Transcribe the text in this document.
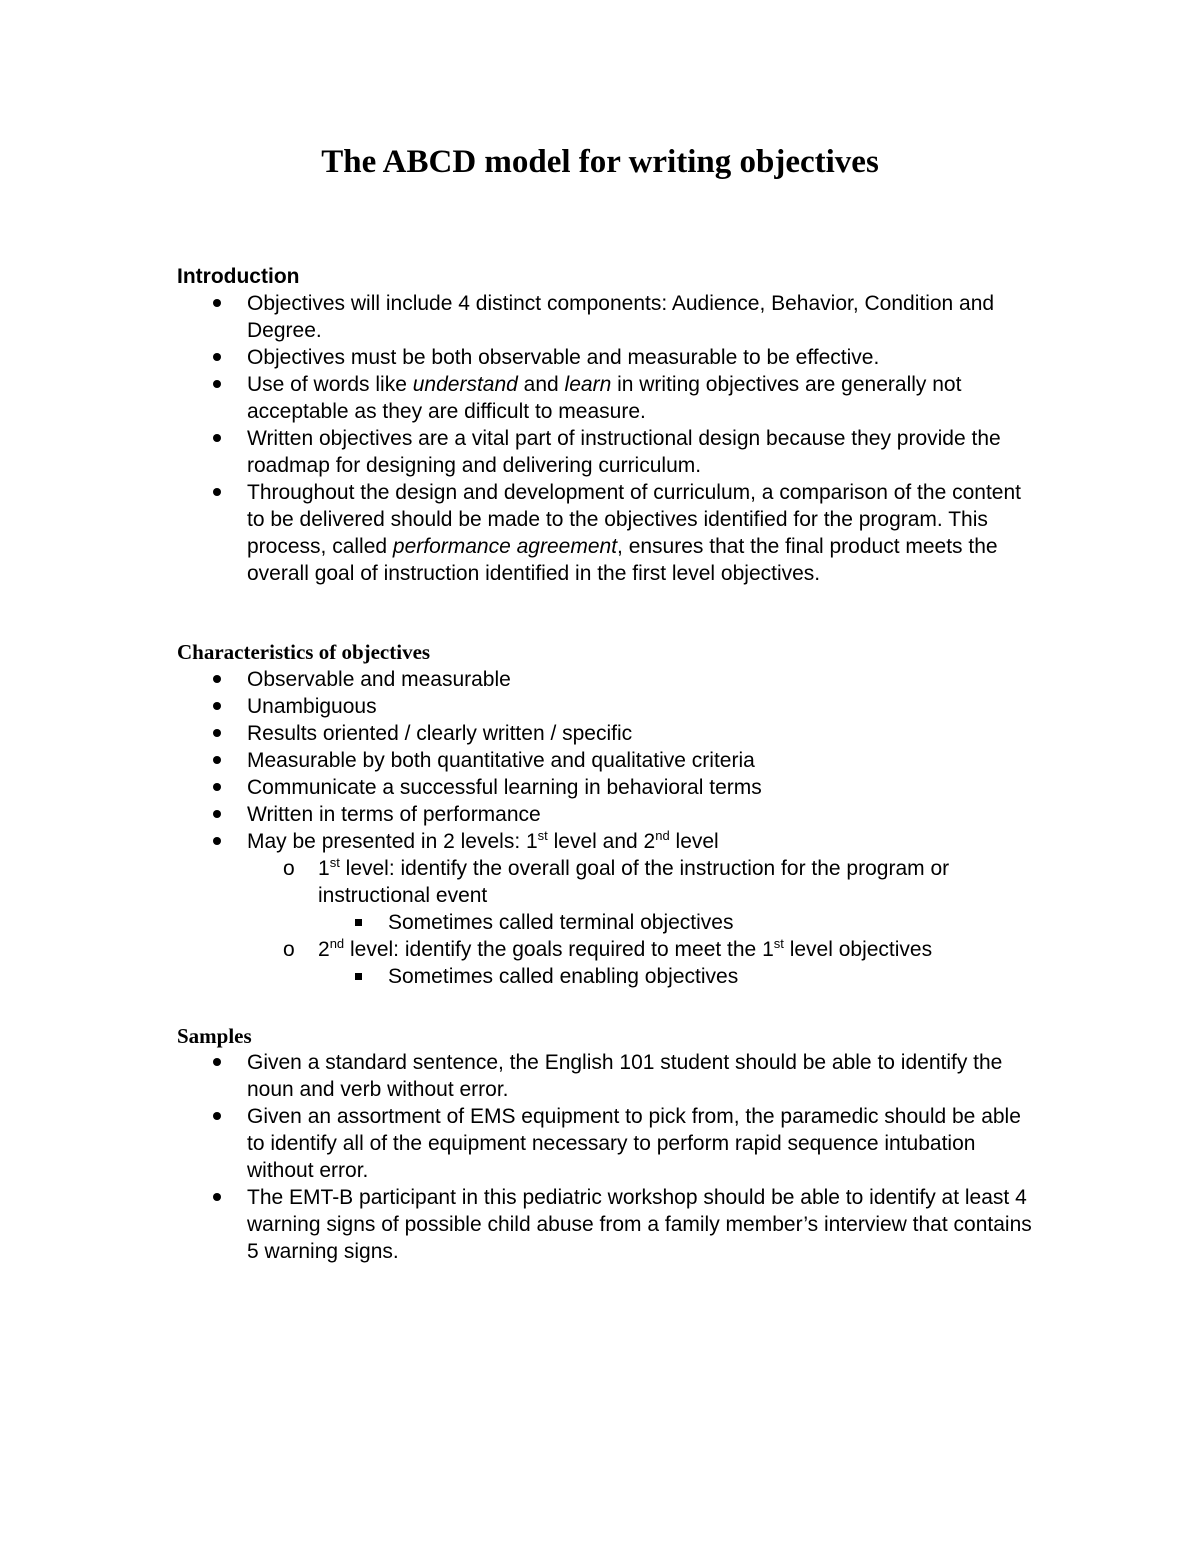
The ABCD model for writing objectives
Introduction
Objectives will include 4 distinct components: Audience, Behavior, Condition and Degree.
Objectives must be both observable and measurable to be effective.
Use of words like understand and learn in writing objectives are generally not acceptable as they are difficult to measure.
Written objectives are a vital part of instructional design because they provide the roadmap for designing and delivering curriculum.
Throughout the design and development of curriculum, a comparison of the content to be delivered should be made to the objectives identified for the program. This process, called performance agreement, ensures that the final product meets the overall goal of instruction identified in the first level objectives.
Characteristics of objectives
Observable and measurable
Unambiguous
Results oriented / clearly written / specific
Measurable by both quantitative and qualitative criteria
Communicate a successful learning in behavioral terms
Written in terms of performance
May be presented in 2 levels: 1st level and 2nd level
o 1st level: identify the overall goal of the instruction for the program or instructional event
Sometimes called terminal objectives
o 2nd level: identify the goals required to meet the 1st level objectives
Sometimes called enabling objectives
Samples
Given a standard sentence, the English 101 student should be able to identify the noun and verb without error.
Given an assortment of EMS equipment to pick from, the paramedic should be able to identify all of the equipment necessary to perform rapid sequence intubation without error.
The EMT-B participant in this pediatric workshop should be able to identify at least 4 warning signs of possible child abuse from a family member’s interview that contains 5 warning signs.
